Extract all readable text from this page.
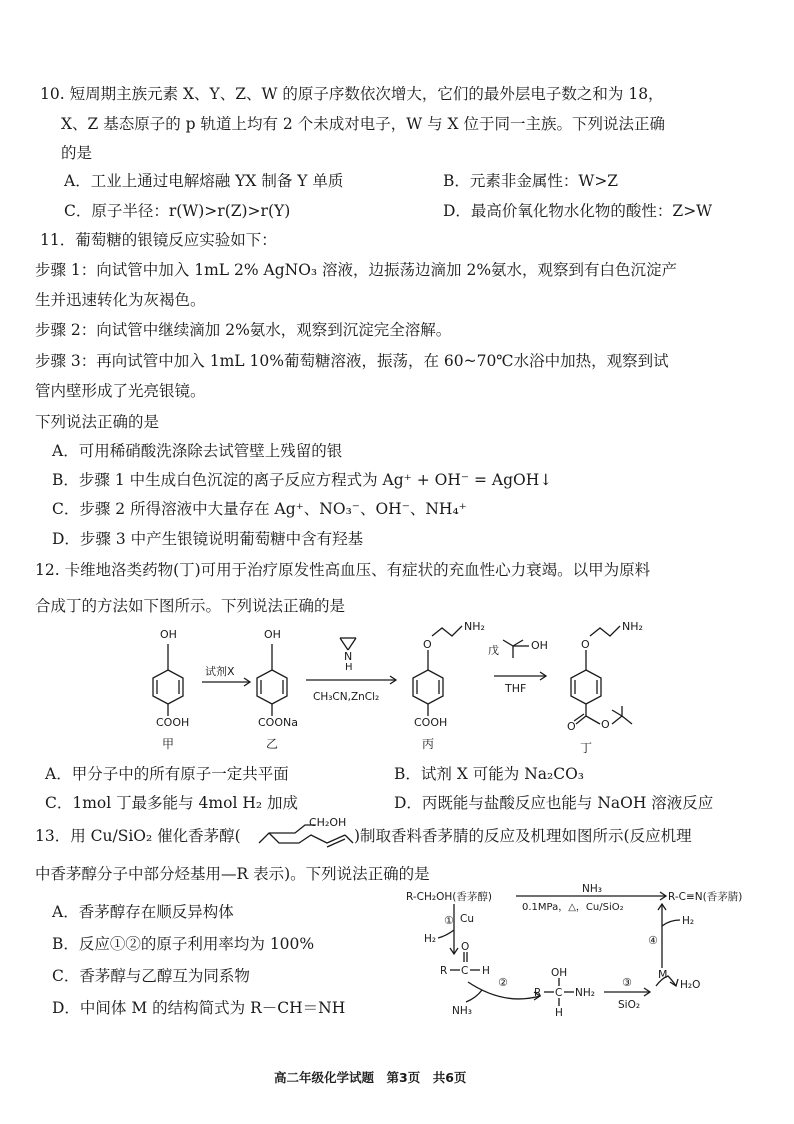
10. 短周期主族元素 X、Y、Z、W 的原子序数依次增大，它们的最外层电子数之和为 18，
X、Z 基态原子的 p 轨道上均有 2 个未成对电子，W 与 X 位于同一主族。下列说法正确
的是
A．工业上通过电解熔融 YX 制备 Y 单质	B．元素非金属性：W>Z
C．原子半径：r(W)>r(Z)>r(Y)	D．最高价氧化物水化物的酸性：Z>W
11．葡萄糖的银镜反应实验如下：
步骤 1：向试管中加入 1mL 2% AgNO₃ 溶液，边振荡边滴加 2%氨水，观察到有白色沉淀产
生并迅速转化为灰褐色。
步骤 2：向试管中继续滴加 2%氨水，观察到沉淀完全溶解。
步骤 3：再向试管中加入 1mL 10%葡萄糖溶液，振荡，在 60~70℃水浴中加热，观察到试
管内壁形成了光亮银镜。
下列说法正确的是
A．可用稀硝酸洗涤除去试管壁上残留的银
B．步骤 1 中生成白色沉淀的离子反应方程式为 Ag⁺ + OH⁻ = AgOH↓
C．步骤 2 所得溶液中大量存在 Ag⁺、NO₃⁻、OH⁻、NH₄⁺
D．步骤 3 中产生银镜说明葡萄糖中含有羟基
12. 卡维地洛类药物(丁)可用于治疗原发性高血压、有症状的充血性心力衰竭。以甲为原料
合成丁的方法如下图所示。下列说法正确的是
OH
COOH
甲
试剂X
OH
COONa
乙
N
H
CH₃CN,ZnCl₂
O
NH₂
COOH
丙
戊	OH
THF
O
NH₂
O O
丁
A．甲分子中的所有原子一定共平面	B．试剂 X 可能为 Na₂CO₃
C．1mol 丁最多能与 4mol H₂ 加成	D．丙既能与盐酸反应也能与 NaOH 溶液反应
13．用 Cu/SiO₂ 催化香茅醇(
CH₂OH
)制取香料香茅腈的反应及机理如图所示(反应机理
中香茅醇分子中部分烃基用—R 表示)。下列说法正确的是
A．香茅醇存在顺反异构体
B．反应①②的原子利用率均为 100%
C．香茅醇与乙醇互为同系物
D．中间体 M 的结构简式为 R－CH＝NH
R-CH₂OH(香茅醇)
NH₃
0.1MPa，△，Cu/SiO₂
R-C≡N(香茅腈)
① Cu
H₂
O
R C H
②
NH₃
OH
R C
H
NH₂
③
SiO₂
M
H₂O
④
H₂
高二年级化学试题　第3页　共6页
